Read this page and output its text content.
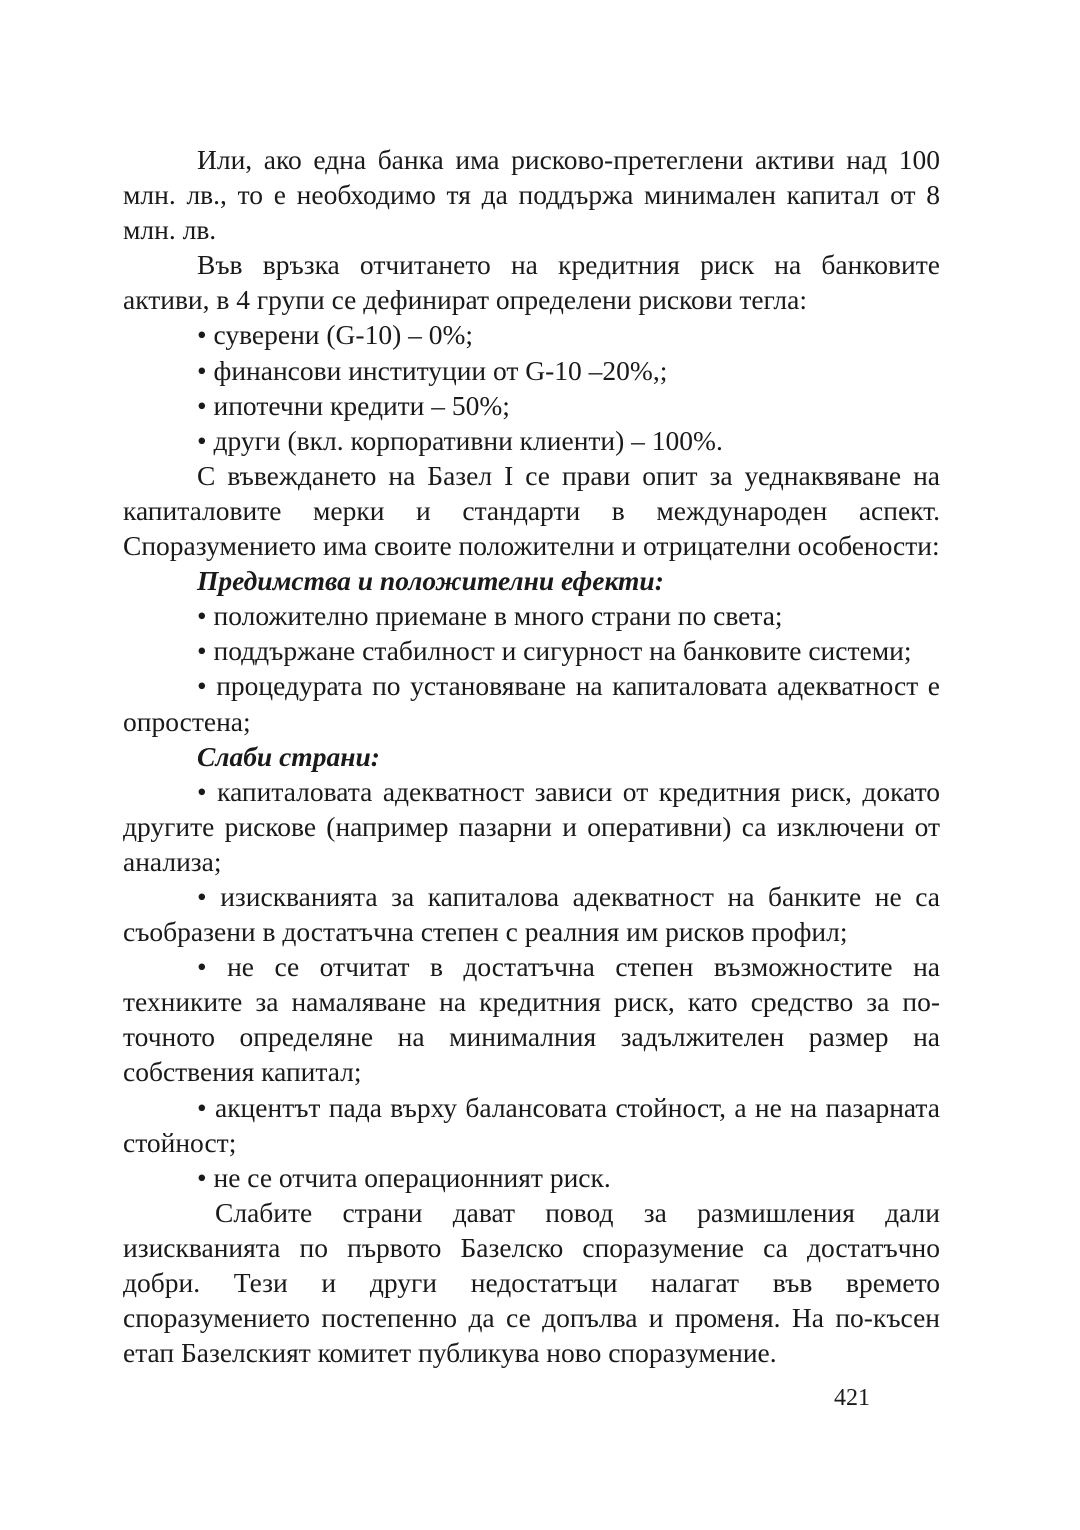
Или, ако една банка има рисково-претеглени активи над 100 млн. лв., то е необходимо тя да поддържа минимален капитал от 8 млн. лв.

Във връзка отчитането на кредитния риск на банковите активи, в 4 групи се дефинират определени рискови тегла:

• суверени (G-10) – 0%;

• финансови институции от G-10 –20%,;

• ипотечни кредити – 50%;

• други (вкл. корпоративни клиенти) – 100%.

С въвеждането на Базел I се прави опит за уеднаквяване на капиталовите мерки и стандарти в международен аспект. Споразумението има своите положителни и отрицателни особености:

Предимства и положителни ефекти:

• положително приемане в много страни по света;

• поддържане стабилност и сигурност на банковите системи;

• процедурата по установяване на капиталовата адекватност е опростена;

Слаби страни:

• капиталовата адекватност зависи от кредитния риск, докато другите рискове (например пазарни и оперативни) са изключени от анализа;

• изискванията за капиталова адекватност на банките не са съобразени в достатъчна степен с реалния им рисков профил;

• не се отчитат в достатъчна степен възможностите на техниките за намаляване на кредитния риск, като средство за по-точното определяне на минималния задължителен размер на собствения капитал;

• акцентът пада върху балансовата стойност, а не на пазарната стойност;

• не се отчита операционният риск.

Слабите страни дават повод за размишления дали изискванията по първото Базелско споразумение са достатъчно добри. Тези и други недостатъци налагат във времето споразумението постепенно да се допълва и променя. На по-късен етап Базелският комитет публикува ново споразумение.

421
